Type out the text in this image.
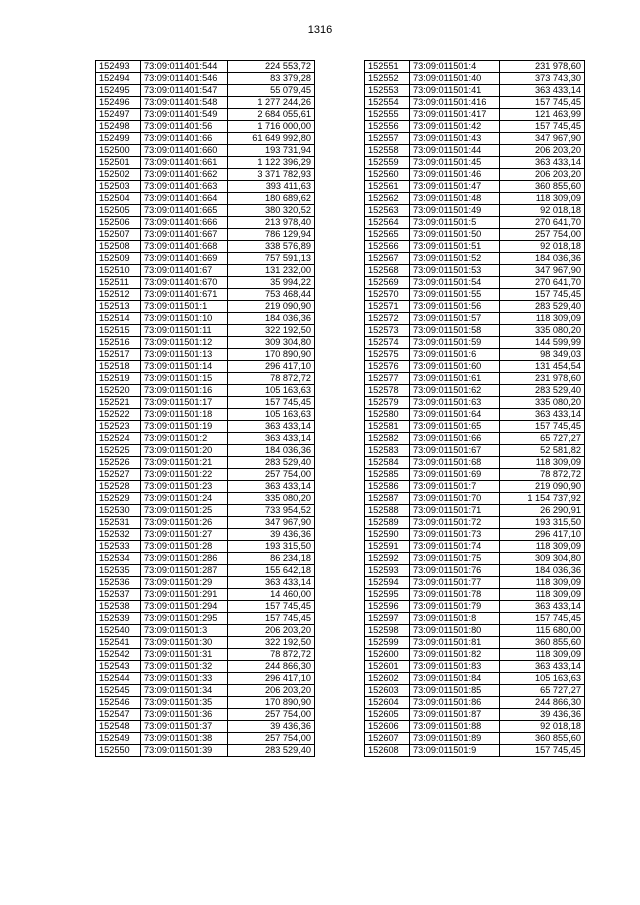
1316
152493	73:09:011401:544	224 553,72
152494	73:09:011401:546	83 379,28
152495	73:09:011401:547	55 079,45
152496	73:09:011401:548	1 277 244,26
152497	73:09:011401:549	2 684 055,61
152498	73:09:011401:56	1 716 000,00
152499	73:09:011401:66	61 649 992,80
152500	73:09:011401:660	193 731,94
152501	73:09:011401:661	1 122 396,29
152502	73:09:011401:662	3 371 782,93
152503	73:09:011401:663	393 411,63
152504	73:09:011401:664	180 689,62
152505	73:09:011401:665	380 320,52
152506	73:09:011401:666	213 978,40
152507	73:09:011401:667	786 129,94
152508	73:09:011401:668	338 576,89
152509	73:09:011401:669	757 591,13
152510	73:09:011401:67	131 232,00
152511	73:09:011401:670	35 994,22
152512	73:09:011401:671	753 468,44
152513	73:09:011501:1	219 090,90
152514	73:09:011501:10	184 036,36
152515	73:09:011501:11	322 192,50
152516	73:09:011501:12	309 304,80
152517	73:09:011501:13	170 890,90
152518	73:09:011501:14	296 417,10
152519	73:09:011501:15	78 872,72
152520	73:09:011501:16	105 163,63
152521	73:09:011501:17	157 745,45
152522	73:09:011501:18	105 163,63
152523	73:09:011501:19	363 433,14
152524	73:09:011501:2	363 433,14
152525	73:09:011501:20	184 036,36
152526	73:09:011501:21	283 529,40
152527	73:09:011501:22	257 754,00
152528	73:09:011501:23	363 433,14
152529	73:09:011501:24	335 080,20
152530	73:09:011501:25	733 954,52
152531	73:09:011501:26	347 967,90
152532	73:09:011501:27	39 436,36
152533	73:09:011501:28	193 315,50
152534	73:09:011501:286	86 234,18
152535	73:09:011501:287	155 642,18
152536	73:09:011501:29	363 433,14
152537	73:09:011501:291	14 460,00
152538	73:09:011501:294	157 745,45
152539	73:09:011501:295	157 745,45
152540	73:09:011501:3	206 203,20
152541	73:09:011501:30	322 192,50
152542	73:09:011501:31	78 872,72
152543	73:09:011501:32	244 866,30
152544	73:09:011501:33	296 417,10
152545	73:09:011501:34	206 203,20
152546	73:09:011501:35	170 890,90
152547	73:09:011501:36	257 754,00
152548	73:09:011501:37	39 436,36
152549	73:09:011501:38	257 754,00
152550	73:09:011501:39	283 529,40
152551	73:09:011501:4	231 978,60
152552	73:09:011501:40	373 743,30
152553	73:09:011501:41	363 433,14
152554	73:09:011501:416	157 745,45
152555	73:09:011501:417	121 463,99
152556	73:09:011501:42	157 745,45
152557	73:09:011501:43	347 967,90
152558	73:09:011501:44	206 203,20
152559	73:09:011501:45	363 433,14
152560	73:09:011501:46	206 203,20
152561	73:09:011501:47	360 855,60
152562	73:09:011501:48	118 309,09
152563	73:09:011501:49	92 018,18
152564	73:09:011501:5	270 641,70
152565	73:09:011501:50	257 754,00
152566	73:09:011501:51	92 018,18
152567	73:09:011501:52	184 036,36
152568	73:09:011501:53	347 967,90
152569	73:09:011501:54	270 641,70
152570	73:09:011501:55	157 745,45
152571	73:09:011501:56	283 529,40
152572	73:09:011501:57	118 309,09
152573	73:09:011501:58	335 080,20
152574	73:09:011501:59	144 599,99
152575	73:09:011501:6	98 349,03
152576	73:09:011501:60	131 454,54
152577	73:09:011501:61	231 978,60
152578	73:09:011501:62	283 529,40
152579	73:09:011501:63	335 080,20
152580	73:09:011501:64	363 433,14
152581	73:09:011501:65	157 745,45
152582	73:09:011501:66	65 727,27
152583	73:09:011501:67	52 581,82
152584	73:09:011501:68	118 309,09
152585	73:09:011501:69	78 872,72
152586	73:09:011501:7	219 090,90
152587	73:09:011501:70	1 154 737,92
152588	73:09:011501:71	26 290,91
152589	73:09:011501:72	193 315,50
152590	73:09:011501:73	296 417,10
152591	73:09:011501:74	118 309,09
152592	73:09:011501:75	309 304,80
152593	73:09:011501:76	184 036,36
152594	73:09:011501:77	118 309,09
152595	73:09:011501:78	118 309,09
152596	73:09:011501:79	363 433,14
152597	73:09:011501:8	157 745,45
152598	73:09:011501:80	115 680,00
152599	73:09:011501:81	360 855,60
152600	73:09:011501:82	118 309,09
152601	73:09:011501:83	363 433,14
152602	73:09:011501:84	105 163,63
152603	73:09:011501:85	65 727,27
152604	73:09:011501:86	244 866,30
152605	73:09:011501:87	39 436,36
152606	73:09:011501:88	92 018,18
152607	73:09:011501:89	360 855,60
152608	73:09:011501:9	157 745,45
